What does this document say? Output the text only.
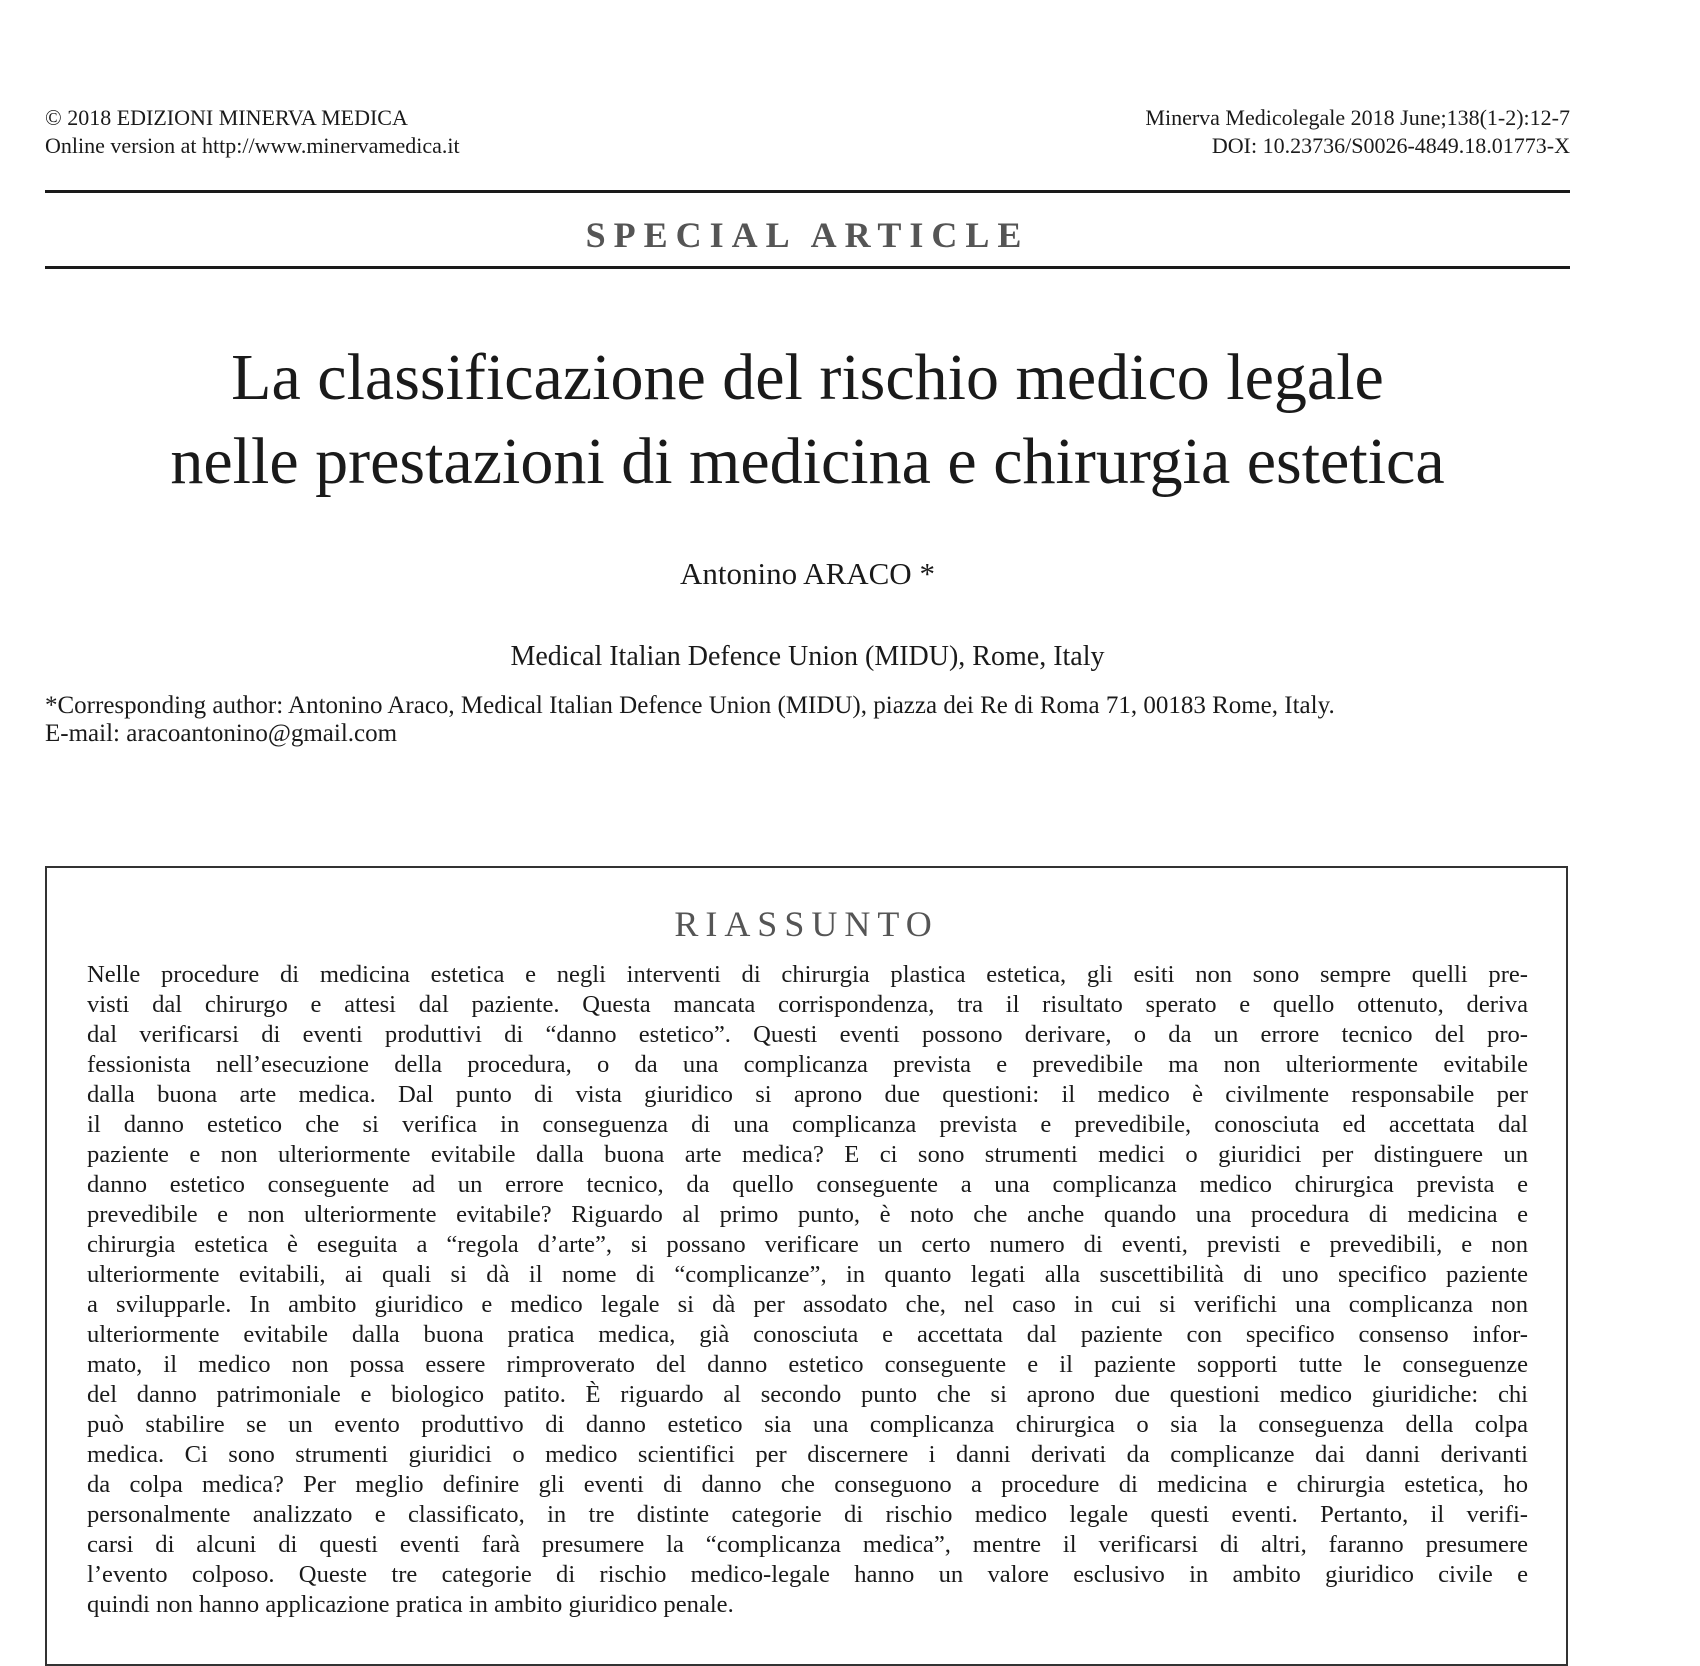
© 2018 EDIZIONI MINERVA MEDICA
Online version at http://www.minervamedica.it
Minerva Medicolegale 2018 June;138(1-2):12-7
DOI: 10.23736/S0026-4849.18.01773-X
SPECIAL ARTICLE
La classificazione del rischio medico legale
nelle prestazioni di medicina e chirurgia estetica
Antonino ARACO *
Medical Italian Defence Union (MIDU), Rome, Italy
*Corresponding author: Antonino Araco, Medical Italian Defence Union (MIDU), piazza dei Re di Roma 71, 00183 Rome, Italy.
E-mail: aracoantonino@gmail.com
RIASSUNTO
Nelle procedure di medicina estetica e negli interventi di chirurgia plastica estetica, gli esiti non sono sempre quelli pre-
visti dal chirurgo e attesi dal paziente. Questa mancata corrispondenza, tra il risultato sperato e quello ottenuto, deriva
dal verificarsi di eventi produttivi di “danno estetico”. Questi eventi possono derivare, o da un errore tecnico del pro-
fessionista nell’esecuzione della procedura, o da una complicanza prevista e prevedibile ma non ulteriormente evitabile
dalla buona arte medica. Dal punto di vista giuridico si aprono due questioni: il medico è civilmente responsabile per
il danno estetico che si verifica in conseguenza di una complicanza prevista e prevedibile, conosciuta ed accettata dal
paziente e non ulteriormente evitabile dalla buona arte medica? E ci sono strumenti medici o giuridici per distinguere un
danno estetico conseguente ad un errore tecnico, da quello conseguente a una complicanza medico chirurgica prevista e
prevedibile e non ulteriormente evitabile? Riguardo al primo punto, è noto che anche quando una procedura di medicina e
chirurgia estetica è eseguita a “regola d’arte”, si possano verificare un certo numero di eventi, previsti e prevedibili, e non
ulteriormente evitabili, ai quali si dà il nome di “complicanze”, in quanto legati alla suscettibilità di uno specifico paziente
a svilupparle. In ambito giuridico e medico legale si dà per assodato che, nel caso in cui si verifichi una complicanza non
ulteriormente evitabile dalla buona pratica medica, già conosciuta e accettata dal paziente con specifico consenso infor-
mato, il medico non possa essere rimproverato del danno estetico conseguente e il paziente sopporti tutte le conseguenze
del danno patrimoniale e biologico patito. È riguardo al secondo punto che si aprono due questioni medico giuridiche: chi
può stabilire se un evento produttivo di danno estetico sia una complicanza chirurgica o sia la conseguenza della colpa
medica. Ci sono strumenti giuridici o medico scientifici per discernere i danni derivati da complicanze dai danni derivanti
da colpa medica? Per meglio definire gli eventi di danno che conseguono a procedure di medicina e chirurgia estetica, ho
personalmente analizzato e classificato, in tre distinte categorie di rischio medico legale questi eventi. Pertanto, il verifi-
carsi di alcuni di questi eventi farà presumere la “complicanza medica”, mentre il verificarsi di altri, faranno presumere
l’evento colposo. Queste tre categorie di rischio medico-legale hanno un valore esclusivo in ambito giuridico civile e
quindi non hanno applicazione pratica in ambito giuridico penale.
